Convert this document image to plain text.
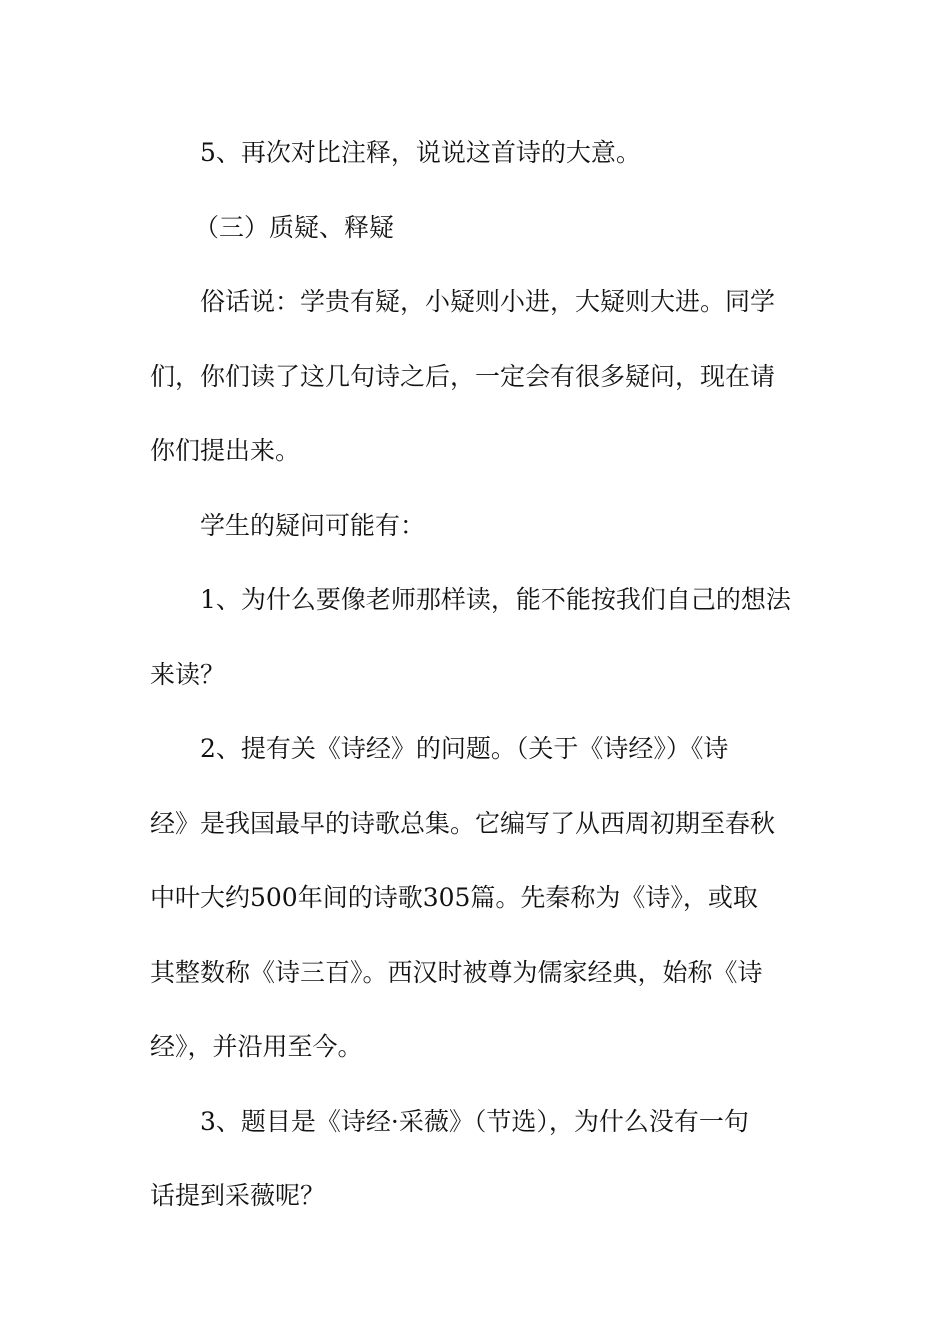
5、再次对比注释，说说这首诗的大意。
（三）质疑、释疑
俗话说：学贵有疑，小疑则小进，大疑则大进。同学
们，你们读了这几句诗之后，一定会有很多疑问，现在请
你们提出来。
学生的疑问可能有：
1、为什么要像老师那样读，能不能按我们自己的想法
来读？
2、提有关《诗经》的问题。（关于《诗经》）《诗
经》是我国最早的诗歌总集。它编写了从西周初期至春秋
中叶大约500年间的诗歌305篇。先秦称为《诗》，或取
其整数称《诗三百》。西汉时被尊为儒家经典，始称《诗
经》，并沿用至今。
3、题目是《诗经·采薇》（节选），为什么没有一句
话提到采薇呢？
